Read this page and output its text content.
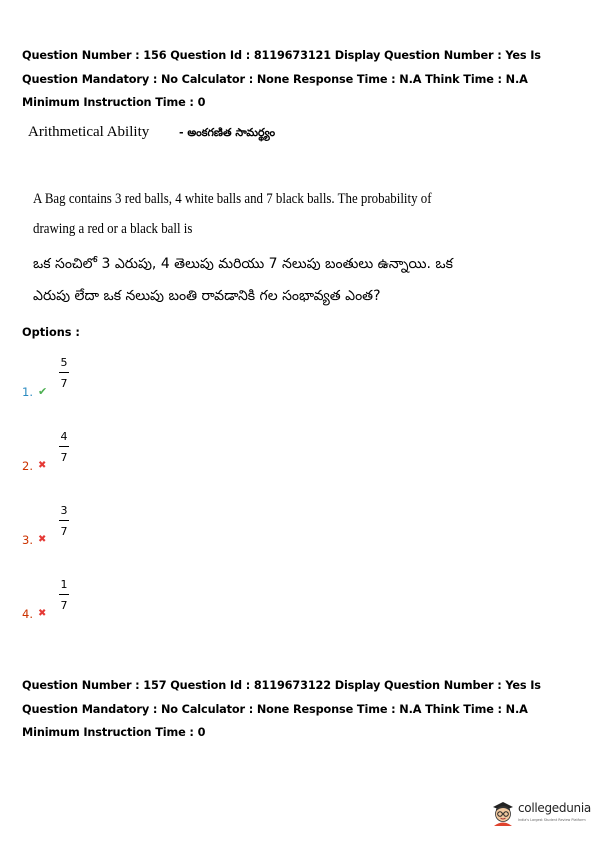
Question Number : 156 Question Id : 8119673121 Display Question Number : Yes Is Question Mandatory : No Calculator : None Response Time : N.A Think Time : N.A Minimum Instruction Time : 0
Arithmetical Ability	- అంకగణిత సామర్థ్యం
A Bag contains 3 red balls, 4 white balls and 7 black balls. The probability of drawing a red or a black ball is
ఒక సంచిలో 3 ఎరుపు, 4 తెలుపు మరియు 7 నలుపు బంతులు ఉన్నాయి. ఒక ఎరుపు లేదా ఒక నలుపు బంతి రావడానికి గల సంభావ్యత ఎంత?
Options :
1. ✔
5
7
2. ✖
4
7
3. ✖
3
7
4. ✖
1
7
Question Number : 157 Question Id : 8119673122 Display Question Number : Yes Is Question Mandatory : No Calculator : None Response Time : N.A Think Time : N.A Minimum Instruction Time : 0
collegedunia
India's Largest Student Review Platform
